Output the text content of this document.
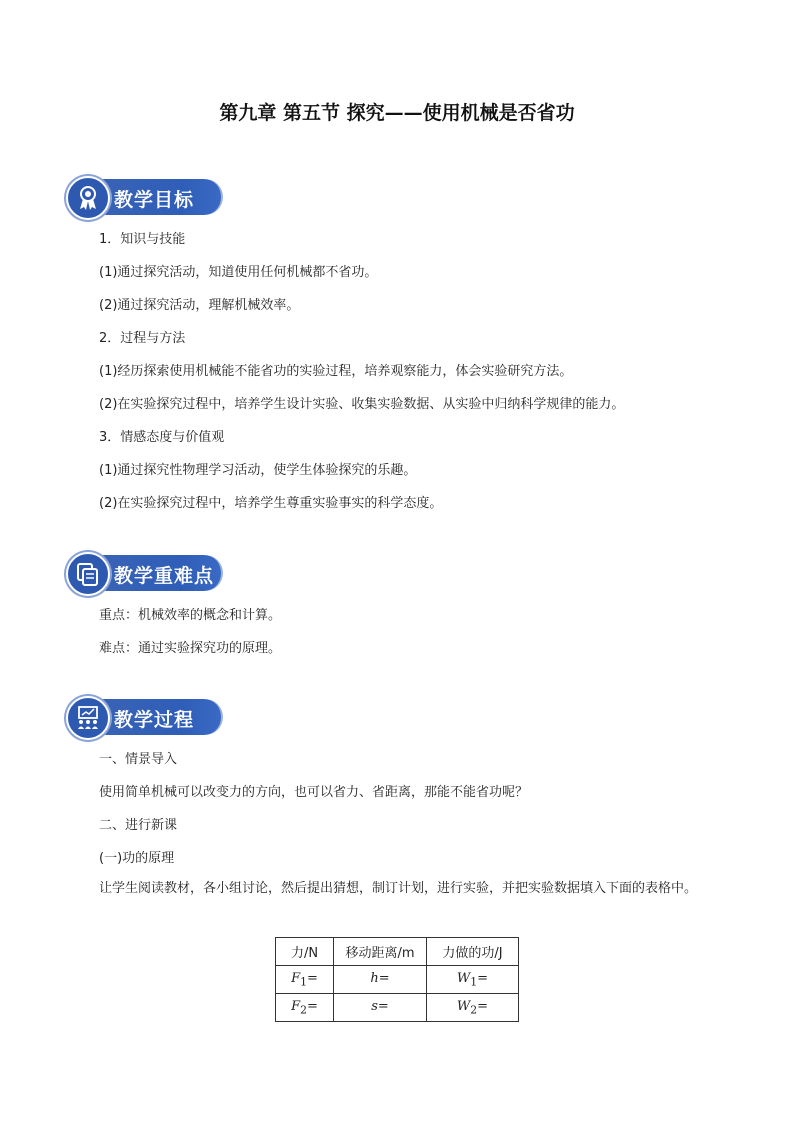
第九章 第五节 探究——使用机械是否省功
教学目标
1．知识与技能
(1)通过探究活动，知道使用任何机械都不省功。
(2)通过探究活动，理解机械效率。
2．过程与方法
(1)经历探索使用机械能不能省功的实验过程，培养观察能力，体会实验研究方法。
(2)在实验探究过程中，培养学生设计实验、收集实验数据、从实验中归纳科学规律的能力。
3．情感态度与价值观
(1)通过探究性物理学习活动，使学生体验探究的乐趣。
(2)在实验探究过程中，培养学生尊重实验事实的科学态度。
教学重难点
重点：机械效率的概念和计算。
难点：通过实验探究功的原理。
教学过程
一、情景导入
使用简单机械可以改变力的方向，也可以省力、省距离，那能不能省功呢？
二、进行新课
(一)功的原理
让学生阅读教材，各小组讨论，然后提出猜想，制订计划，进行实验，并把实验数据填入下面的表格中。
力/N	移动距离/m	力做的功/J
$F_1=$	h=	$W_1=$
$F_2=$	s=	$W_2=$
